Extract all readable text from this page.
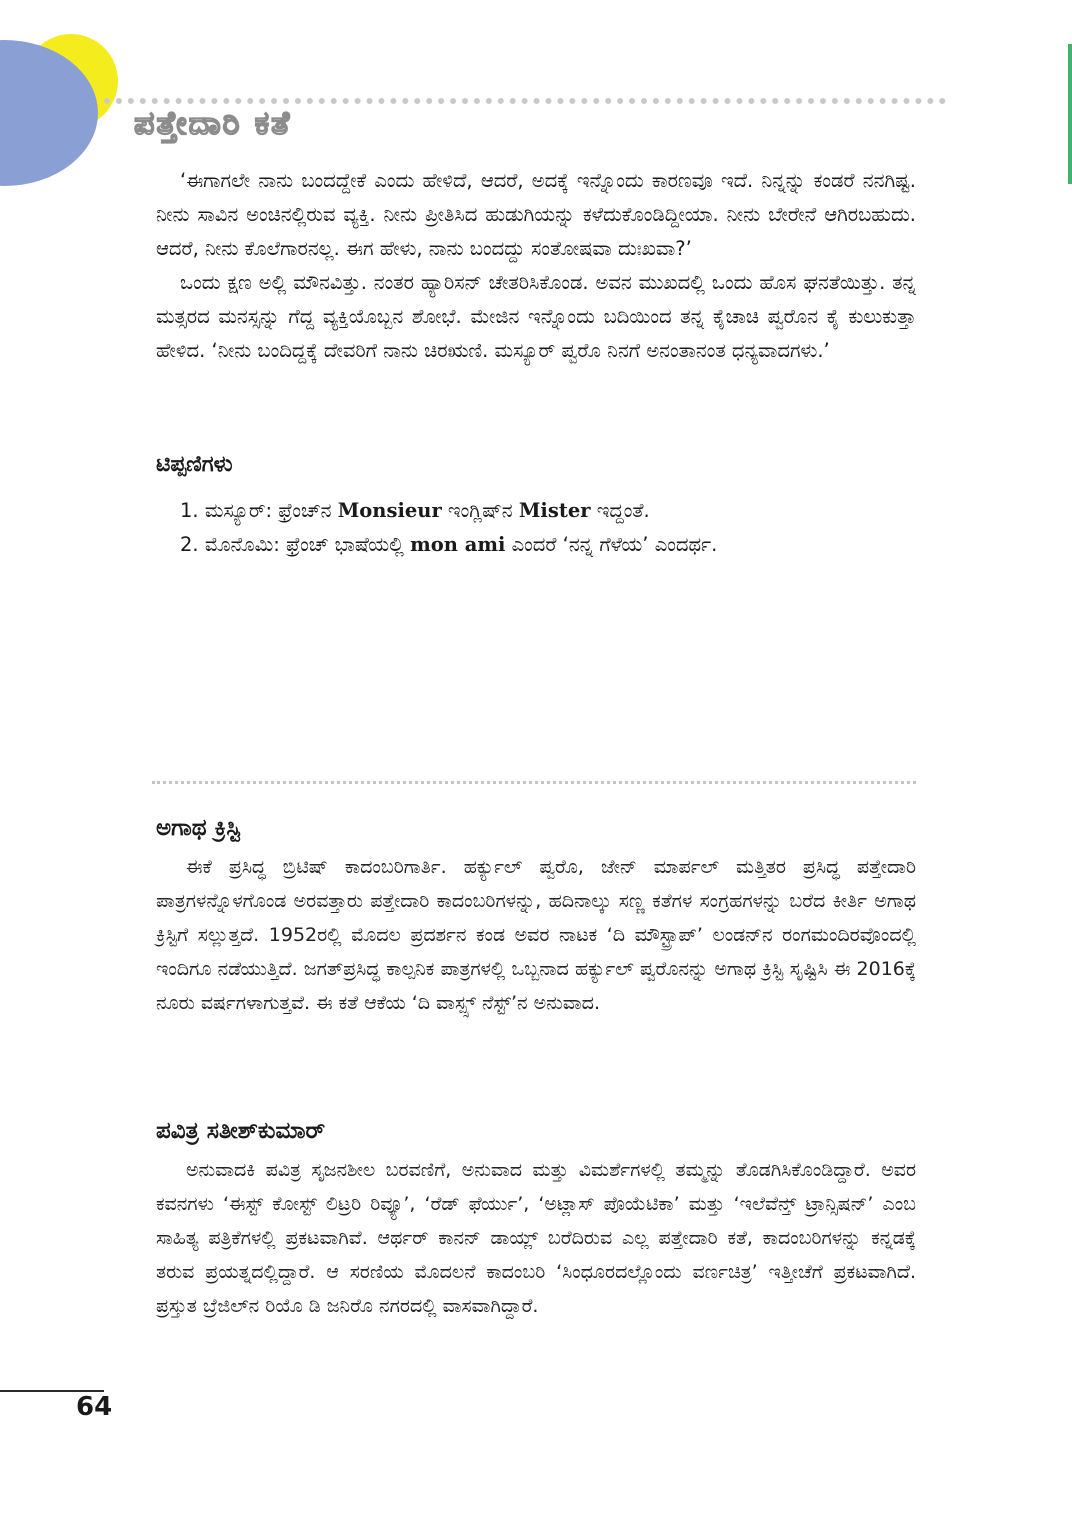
ಪತ್ತೇದಾರಿ ಕತೆ

‘ಈಗಾಗಲೇ ನಾನು ಬಂದದ್ದೇಕೆ ಎಂದು ಹೇಳಿದೆ, ಆದರೆ, ಅದಕ್ಕೆ ಇನ್ನೊಂದು ಕಾರಣವೂ ಇದೆ. ನಿನ್ನನ್ನು ಕಂಡರೆ ನನಗಿಷ್ಟ. ನೀನು ಸಾವಿನ ಅಂಚಿನಲ್ಲಿರುವ ವ್ಯಕ್ತಿ. ನೀನು ಪ್ರೀತಿಸಿದ ಹುಡುಗಿಯನ್ನು ಕಳೆದುಕೊಂಡಿದ್ದೀಯಾ. ನೀನು ಬೇರೇನೆ ಆಗಿರಬಹುದು. ಆದರೆ, ನೀನು ಕೊಲೆಗಾರನಲ್ಲ. ಈಗ ಹೇಳು, ನಾನು ಬಂದದ್ದು ಸಂತೋಷವಾ ದುಃಖವಾ?’

ಒಂದು ಕ್ಷಣ ಅಲ್ಲಿ ಮೌನವಿತ್ತು. ನಂತರ ಹ್ಯಾರಿಸನ್ ಚೇತರಿಸಿಕೊಂಡ. ಅವನ ಮುಖದಲ್ಲಿ ಒಂದು ಹೊಸ ಘನತೆಯಿತ್ತು. ತನ್ನ ಮತ್ಸರದ ಮನಸ್ಸನ್ನು ಗೆದ್ದ ವ್ಯಕ್ತಿಯೊಬ್ಬನ ಶೋಭೆ. ಮೇಜಿನ ಇನ್ನೊಂದು ಬದಿಯಿಂದ ತನ್ನ ಕೈಚಾಚಿ ಪ್ವರೊನ ಕೈ ಕುಲುಕುತ್ತಾ ಹೇಳಿದ. ‘ನೀನು ಬಂದಿದ್ದಕ್ಕೆ ದೇವರಿಗೆ ನಾನು ಚಿರಋಣಿ. ಮಸ್ಯೂರ್ ಪ್ವರೊ ನಿನಗೆ ಅನಂತಾನಂತ ಧನ್ಯವಾದಗಳು.’

ಟಿಪ್ಪಣಿಗಳು
1. ಮಸ್ಯೂರ್: ಫ್ರೆಂಚ್‌ನ Monsieur ಇಂಗ್ಲಿಷ್‌ನ Mister ಇದ್ದಂತೆ.
2. ಮೊನೊಮಿ: ಫ್ರೆಂಚ್ ಭಾಷೆಯಲ್ಲಿ mon ami ಎಂದರೆ ‘ನನ್ನ ಗೆಳೆಯ’ ಎಂದರ್ಥ.
ಅಗಾಥ ಕ್ರಿಸ್ಟಿ

ಈಕೆ ಪ್ರಸಿದ್ಧ ಬ್ರಿಟಿಷ್ ಕಾದಂಬರಿಗಾರ್ತಿ. ಹರ್ಕ್ಯುಲ್ ಪ್ವರೊ, ಜೇನ್ ಮಾರ್ಪಲ್ ಮತ್ತಿತರ ಪ್ರಸಿದ್ಧ ಪತ್ತೇದಾರಿ ಪಾತ್ರಗಳನ್ನೊಳಗೊಂಡ ಅರವತ್ತಾರು ಪತ್ತೇದಾರಿ ಕಾದಂಬರಿಗಳನ್ನು, ಹದಿನಾಲ್ಕು ಸಣ್ಣ ಕತೆಗಳ ಸಂಗ್ರಹಗಳನ್ನು ಬರೆದ ಕೀರ್ತಿ ಅಗಾಥ ಕ್ರಿಸ್ಟಿಗೆ ಸಲ್ಲುತ್ತದೆ. 1952ರಲ್ಲಿ ಮೊದಲ ಪ್ರದರ್ಶನ ಕಂಡ ಅವರ ನಾಟಕ ‘ದಿ ಮೌಸ್ಟ್ರಾಪ್’ ಲಂಡನ್‌ನ ರಂಗಮಂದಿರವೊಂದಲ್ಲಿ ಇಂದಿಗೂ ನಡೆಯುತ್ತಿದೆ. ಜಗತ್‌ಪ್ರಸಿದ್ಧ ಕಾಲ್ಪನಿಕ ಪಾತ್ರಗಳಲ್ಲಿ ಒಬ್ಬನಾದ ಹರ್ಕ್ಯುಲ್ ಪ್ವರೊನನ್ನು ಅಗಾಥ ಕ್ರಿಸ್ಟಿ ಸೃಷ್ಟಿಸಿ ಈ 2016ಕ್ಕೆ ನೂರು ವರ್ಷಗಳಾಗುತ್ತವೆ. ಈ ಕತೆ ಆಕೆಯ ‘ದಿ ವಾಸ್ಪ್ಸ್ ನೆಸ್ಟ್’ನ ಅನುವಾದ.

ಪವಿತ್ರ ಸತೀಶ್‌ಕುಮಾರ್

ಅನುವಾದಕಿ ಪವಿತ್ರ ಸೃಜನಶೀಲ ಬರವಣಿಗೆ, ಅನುವಾದ ಮತ್ತು ವಿಮರ್ಶೆಗಳಲ್ಲಿ ತಮ್ಮನ್ನು ತೊಡಗಿಸಿಕೊಂಡಿದ್ದಾರೆ. ಅವರ ಕವನಗಳು ‘ಈಸ್ಟ್ ಕೋಸ್ಟ್ ಲಿಟ್ರರಿ ರಿವ್ಯೂ’, ‘ರೆಡ್ ಫೆರ್ಯು’, ‘ಅಟ್ಲಾಸ್ ಪೊಯೆಟಿಕಾ’ ಮತ್ತು ‘ಇಲೆವೆನ್ತ್ ಟ್ರಾನ್ಸಿಷನ್’ ಎಂಬ ಸಾಹಿತ್ಯ ಪತ್ರಿಕೆಗಳಲ್ಲಿ ಪ್ರಕಟವಾಗಿವೆ. ಆರ್ಥರ್ ಕಾನನ್ ಡಾಯ್ಲ್ ಬರೆದಿರುವ ಎಲ್ಲ ಪತ್ತೇದಾರಿ ಕತೆ, ಕಾದಂಬರಿಗಳನ್ನು ಕನ್ನಡಕ್ಕೆ ತರುವ ಪ್ರಯತ್ನದಲ್ಲಿದ್ದಾರೆ. ಆ ಸರಣಿಯ ಮೊದಲನೆ ಕಾದಂಬರಿ ‘ಸಿಂಧೂರದಲ್ಲೊಂದು ವರ್ಣಚಿತ್ರ’ ಇತ್ತೀಚೆಗೆ ಪ್ರಕಟವಾಗಿದೆ. ಪ್ರಸ್ತುತ ಬ್ರೆಜಿಲ್‌ನ ರಿಯೊ ಡಿ ಜನಿರೊ ನಗರದಲ್ಲಿ ವಾಸವಾಗಿದ್ದಾರೆ.

64
